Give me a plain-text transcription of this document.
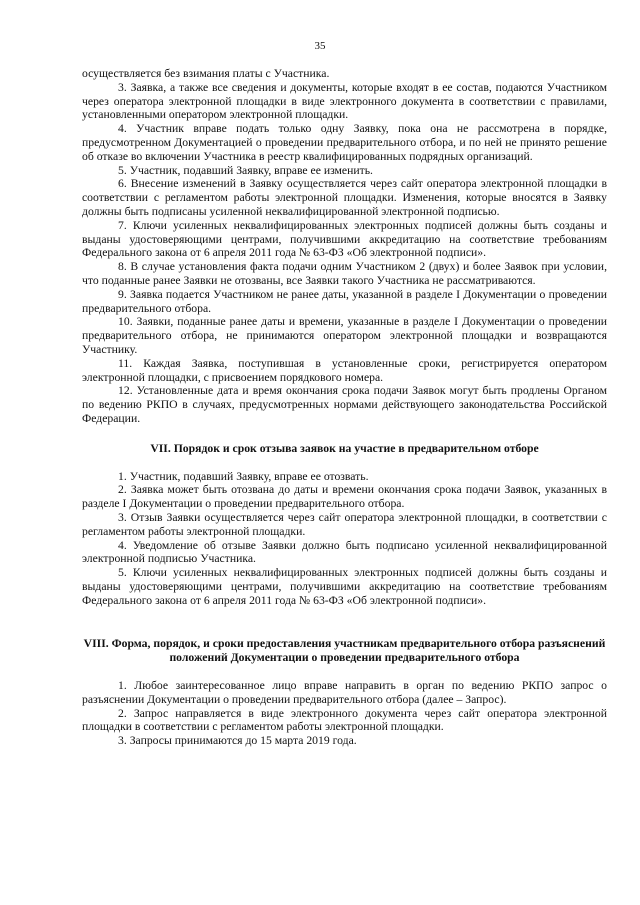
35

осуществляется без взимания платы с Участника.

3. Заявка, а также все сведения и документы, которые входят в ее состав, подаются Участником через оператора электронной площадки в виде электронного документа в соответствии с правилами, установленными оператором электронной площадки.

4. Участник вправе подать только одну Заявку, пока она не рассмотрена в порядке, предусмотренном Документацией о проведении предварительного отбора, и по ней не принято решение об отказе во включении Участника в реестр квалифицированных подрядных организаций.

5. Участник, подавший Заявку, вправе ее изменить.

6. Внесение изменений в Заявку осуществляется через сайт оператора электронной площадки в соответствии с регламентом работы электронной площадки. Изменения, которые вносятся в Заявку должны быть подписаны усиленной неквалифицированной электронной подписью.

7. Ключи усиленных неквалифицированных электронных подписей должны быть созданы и выданы удостоверяющими центрами, получившими аккредитацию на соответствие требованиям Федерального закона от 6 апреля 2011 года № 63-ФЗ «Об электронной подписи».

8. В случае установления факта подачи одним Участником 2 (двух) и более Заявок при условии, что поданные ранее Заявки не отозваны, все Заявки такого Участника не рассматриваются.

9. Заявка подается Участником не ранее даты, указанной в разделе I Документации о проведении предварительного отбора.

10. Заявки, поданные ранее даты и времени, указанные в разделе I Документации о проведении предварительного отбора, не принимаются оператором электронной площадки и возвращаются Участнику.

11. Каждая Заявка, поступившая в установленные сроки, регистрируется оператором электронной площадки, с присвоением порядкового номера.

12. Установленные дата и время окончания срока подачи Заявок могут быть продлены Органом по ведению РКПО в случаях, предусмотренных нормами действующего законодательства Российской Федерации.

VII. Порядок и срок отзыва заявок на участие в предварительном отборе

1. Участник, подавший Заявку, вправе ее отозвать.

2. Заявка может быть отозвана до даты и времени окончания срока подачи Заявок, указанных в разделе I Документации о проведении предварительного отбора.

3. Отзыв Заявки осуществляется через сайт оператора электронной площадки, в соответствии с регламентом работы электронной площадки.

4. Уведомление об отзыве Заявки должно быть подписано усиленной неквалифицированной электронной подписью Участника.

5. Ключи усиленных неквалифицированных электронных подписей должны быть созданы и выданы удостоверяющими центрами, получившими аккредитацию на соответствие требованиям Федерального закона от 6 апреля 2011 года № 63-ФЗ «Об электронной подписи».

VIII. Форма, порядок, и сроки предоставления участникам предварительного отбора разъяснений положений Документации о проведении предварительного отбора

1. Любое заинтересованное лицо вправе направить в орган по ведению РКПО запрос о разъяснении Документации о проведении предварительного отбора (далее – Запрос).

2. Запрос направляется в виде электронного документа через сайт оператора электронной площадки в соответствии с регламентом работы электронной площадки.

3. Запросы принимаются до 15 марта 2019 года.
